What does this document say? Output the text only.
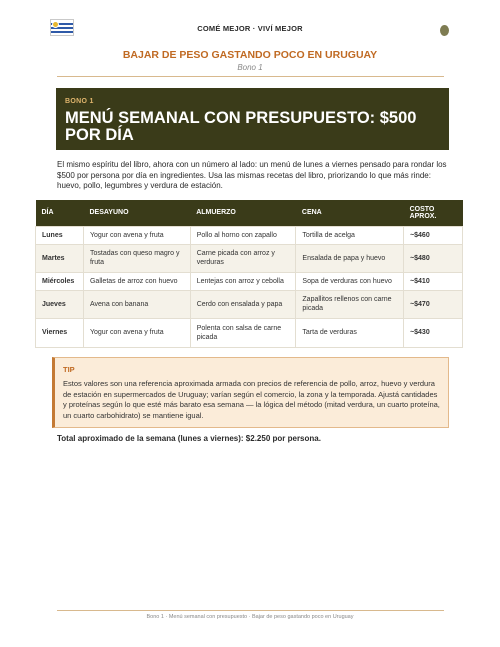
COMÉ MEJOR · VIVÍ MEJOR
BAJAR DE PESO GASTANDO POCO EN URUGUAY
Bono 1
BONO 1
MENÚ SEMANAL CON PRESUPUESTO: $500 POR DÍA

El mismo espíritu del libro, ahora con un número al lado: un menú de lunes a viernes pensado para rondar los $500 por persona por día en ingredientes. Usa las mismas recetas del libro, priorizando lo que más rinde: huevo, pollo, legumbres y verdura de estación.

DÍA	DESAYUNO	ALMUERZO	CENA	COSTO APROX.
Lunes	Yogur con avena y fruta	Pollo al horno con zapallo	Tortilla de acelga	~$460
Martes	Tostadas con queso magro y fruta	Carne picada con arroz y verduras	Ensalada de papa y huevo	~$480
Miércoles	Galletas de arroz con huevo	Lentejas con arroz y cebolla	Sopa de verduras con huevo	~$410
Jueves	Avena con banana	Cerdo con ensalada y papa	Zapallitos rellenos con carne picada	~$470
Viernes	Yogur con avena y fruta	Polenta con salsa de carne picada	Tarta de verduras	~$430
TIP

Estos valores son una referencia aproximada armada con precios de referencia de pollo, arroz, huevo y verdura de estación en supermercados de Uruguay; varían según el comercio, la zona y la temporada. Ajustá cantidades y proteínas según lo que esté más barato esa semana — la lógica del método (mitad verdura, un cuarto proteína, un cuarto carbohidrato) se mantiene igual.

Total aproximado de la semana (lunes a viernes): $2.250 por persona.

Bono 1 · Menú semanal con presupuesto · Bajar de peso gastando poco en Uruguay
